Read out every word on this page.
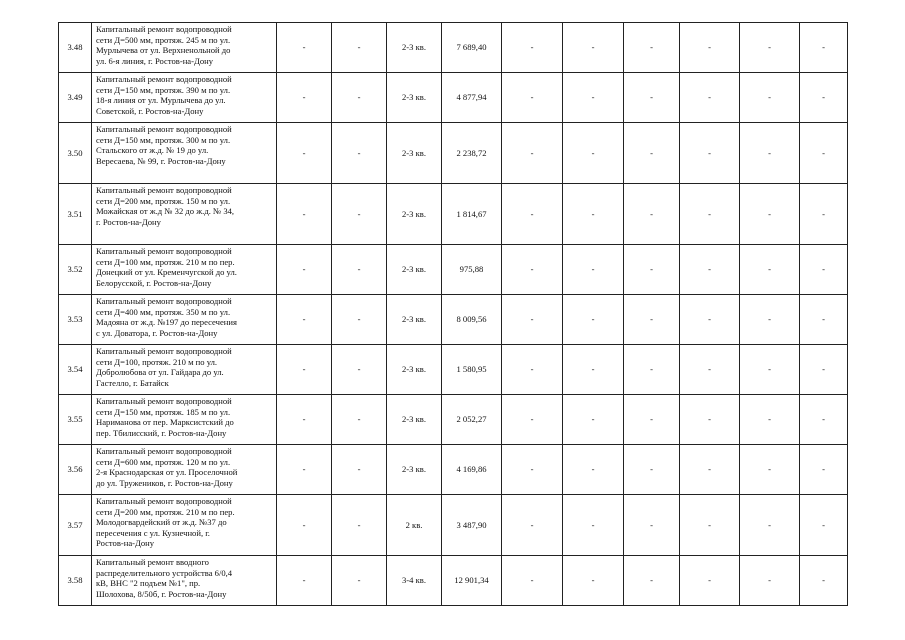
3.48	Капитальный ремонт водопроводной
сети Д=500 мм, протяж. 245 м по ул.
Мурлычева от ул. Верхненольной до
ул. 6-я линия, г. Ростов-на-Дону	-	-	2-3 кв.	7 689,40	-	-	-	-	-	-
3.49	Капитальный ремонт водопроводной
сети Д=150 мм, протяж. 390 м по ул.
18-я линия от ул. Мурлычева до ул.
Советской, г. Ростов-на-Дону	-	-	2-3 кв.	4 877,94	-	-	-	-	-	-
3.50	Капитальный ремонт водопроводной
сети Д=150 мм, протяж. 300 м по ул.
Стальского от ж.д. № 19 до ул.
Вересаева, № 99, г. Ростов-на-Дону	-	-	2-3 кв.	2 238,72	-	-	-	-	-	-
3.51	Капитальный ремонт водопроводной
сети Д=200 мм, протяж. 150 м по ул.
Можайская от ж.д № 32 до ж.д. № 34,
г. Ростов-на-Дону	-	-	2-3 кв.	1 814,67	-	-	-	-	-	-
3.52	Капитальный ремонт водопроводной
сети Д=100 мм, протяж. 210 м по пер.
Донецкий от ул. Кременчугской до ул.
Белорусской, г. Ростов-на-Дону	-	-	2-3 кв.	975,88	-	-	-	-	-	-
3.53	Капитальный ремонт водопроводной
сети Д=400 мм, протяж. 350 м по ул.
Мадояна от ж.д. №197 до пересечения
с ул. Доватора, г. Ростов-на-Дону	-	-	2-3 кв.	8 009,56	-	-	-	-	-	-
3.54	Капитальный ремонт водопроводной
сети Д=100, протяж. 210 м по ул.
Добролюбова от ул. Гайдара до ул.
Гастелло, г. Батайск	-	-	2-3 кв.	1 580,95	-	-	-	-	-	-
3.55	Капитальный ремонт водопроводной
сети Д=150 мм, протяж. 185 м по ул.
Нариманова от пер. Марксистский до
пер. Тбилисский, г. Ростов-на-Дону	-	-	2-3 кв.	2 052,27	-	-	-	-	-	-
3.56	Капитальный ремонт водопроводной
сети Д=600 мм, протяж. 120 м по ул.
2-я Краснодарская от ул. Проселочной
до ул. Тружеников, г. Ростов-на-Дону	-	-	2-3 кв.	4 169,86	-	-	-	-	-	-
3.57	Капитальный ремонт водопроводной
сети Д=200 мм, протяж. 210 м по пер.
Молодогвардейский от ж.д. №37 до
пересечения с ул. Кузнечной, г.
Ростов-на-Дону	-	-	2 кв.	3 487,90	-	-	-	-	-	-
3.58	Капитальный ремонт вводного
распределительного устройства 6/0,4
кВ, ВНС "2 подъем №1", пр.
Шолохова, 8/50б, г. Ростов-на-Дону	-	-	3-4 кв.	12 901,34	-	-	-	-	-	-
